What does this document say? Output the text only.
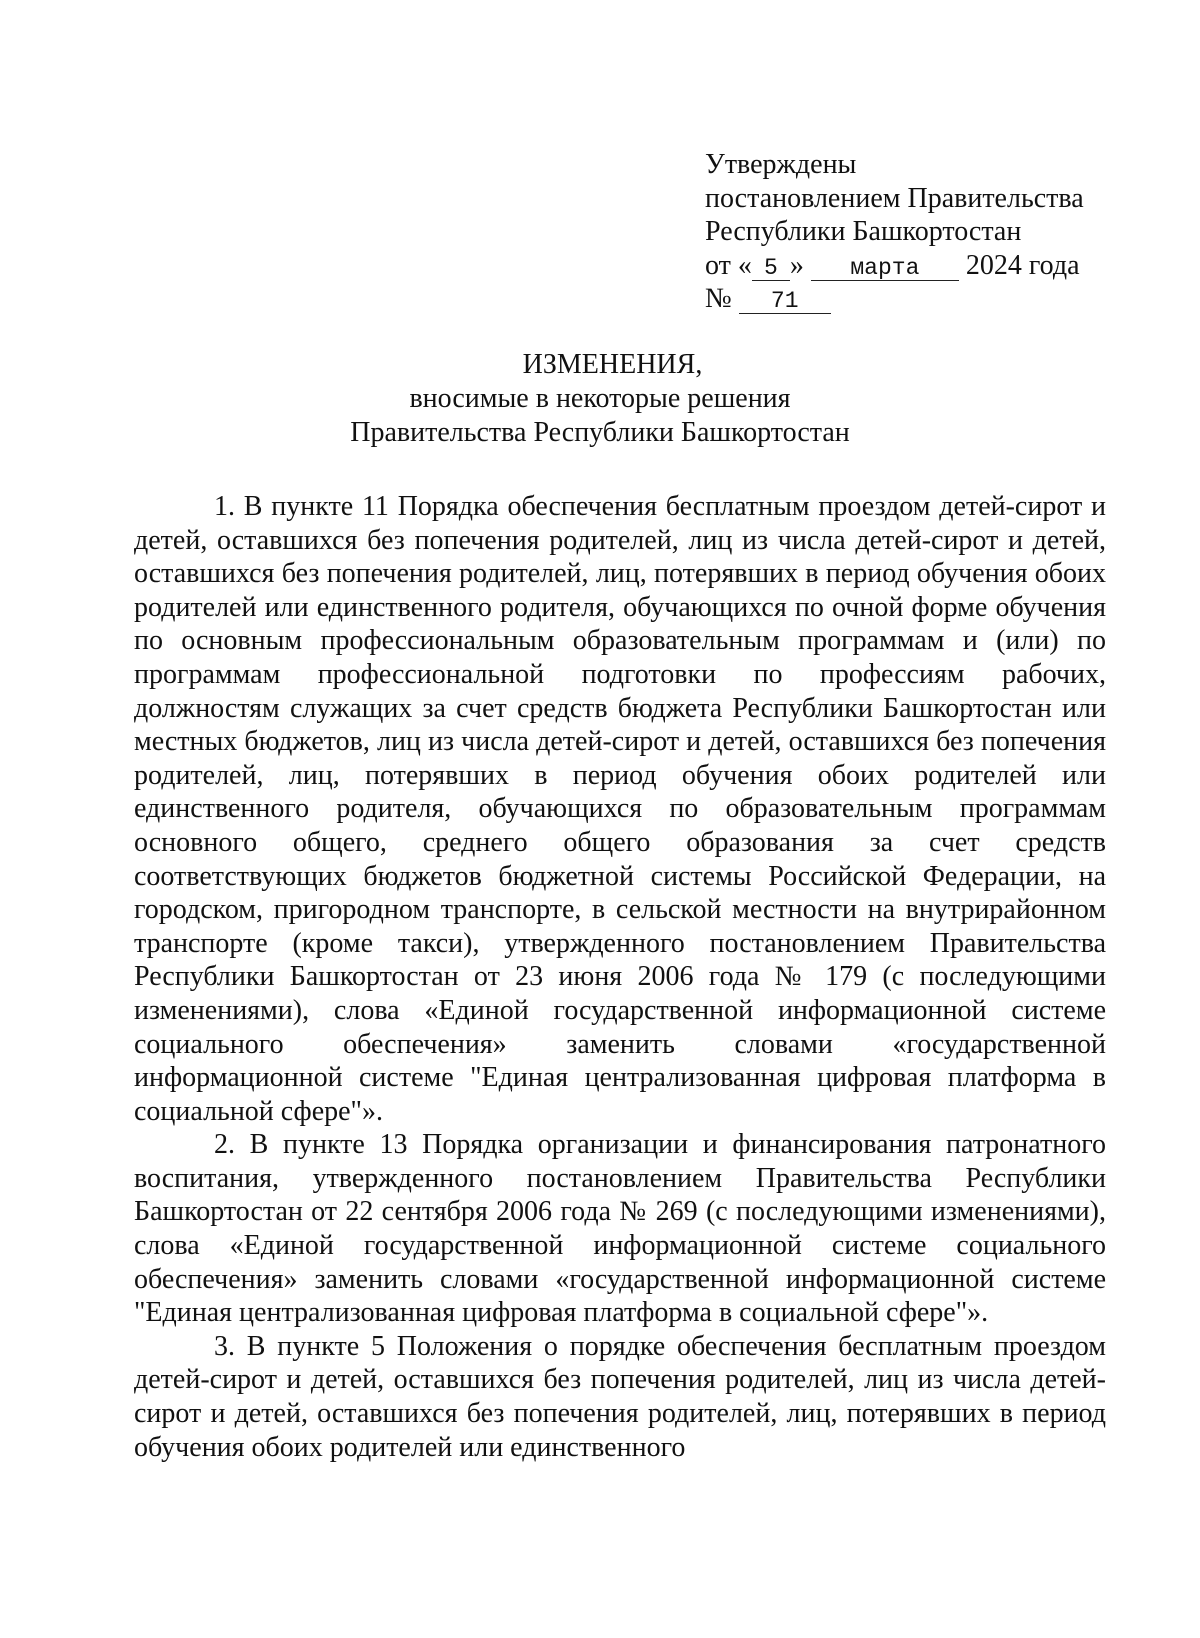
Утверждены
постановлением Правительства
Республики Башкортостан
от « 5 » марта 2024 года
№ 71
ИЗМЕНЕНИЯ,
вносимые в некоторые решения
Правительства Республики Башкортостан

1. В пункте 11 Порядка обеспечения бесплатным проездом детей-сирот и детей, оставшихся без попечения родителей, лиц из числа детей-сирот и детей, оставшихся без попечения родителей, лиц, потерявших в период обучения обоих родителей или единственного родителя, обучающихся по очной форме обучения по основным профессиональным образовательным программам и (или) по программам профессиональной подготовки по профессиям рабочих, должностям служащих за счет средств бюджета Республики Башкортостан или местных бюджетов, лиц из числа детей-сирот и детей, оставшихся без попечения родителей, лиц, потерявших в период обучения обоих родителей или единственного родителя, обучающихся по образовательным программам основного общего, среднего общего образования за счет средств соответствующих бюджетов бюджетной системы Российской Федерации, на городском, пригородном транспорте, в сельской местности на внутрирайонном транспорте (кроме такси), утвержденного постановлением Правительства Республики Башкортостан от 23 июня 2006 года № 179 (с последующими изменениями), слова «Единой государственной информационной системе социального обеспечения» заменить словами «государственной информационной системе "Единая централизованная цифровая платформа в социальной сфере"».

2. В пункте 13 Порядка организации и финансирования патронатного воспитания, утвержденного постановлением Правительства Республики Башкортостан от 22 сентября 2006 года № 269 (с последующими изменениями), слова «Единой государственной информационной системе социального обеспечения» заменить словами «государственной информационной системе "Единая централизованная цифровая платформа в социальной сфере"».

3. В пункте 5 Положения о порядке обеспечения бесплатным проездом детей-сирот и детей, оставшихся без попечения родителей, лиц из числа детей-сирот и детей, оставшихся без попечения родителей, лиц, потерявших в период обучения обоих родителей или единственного
